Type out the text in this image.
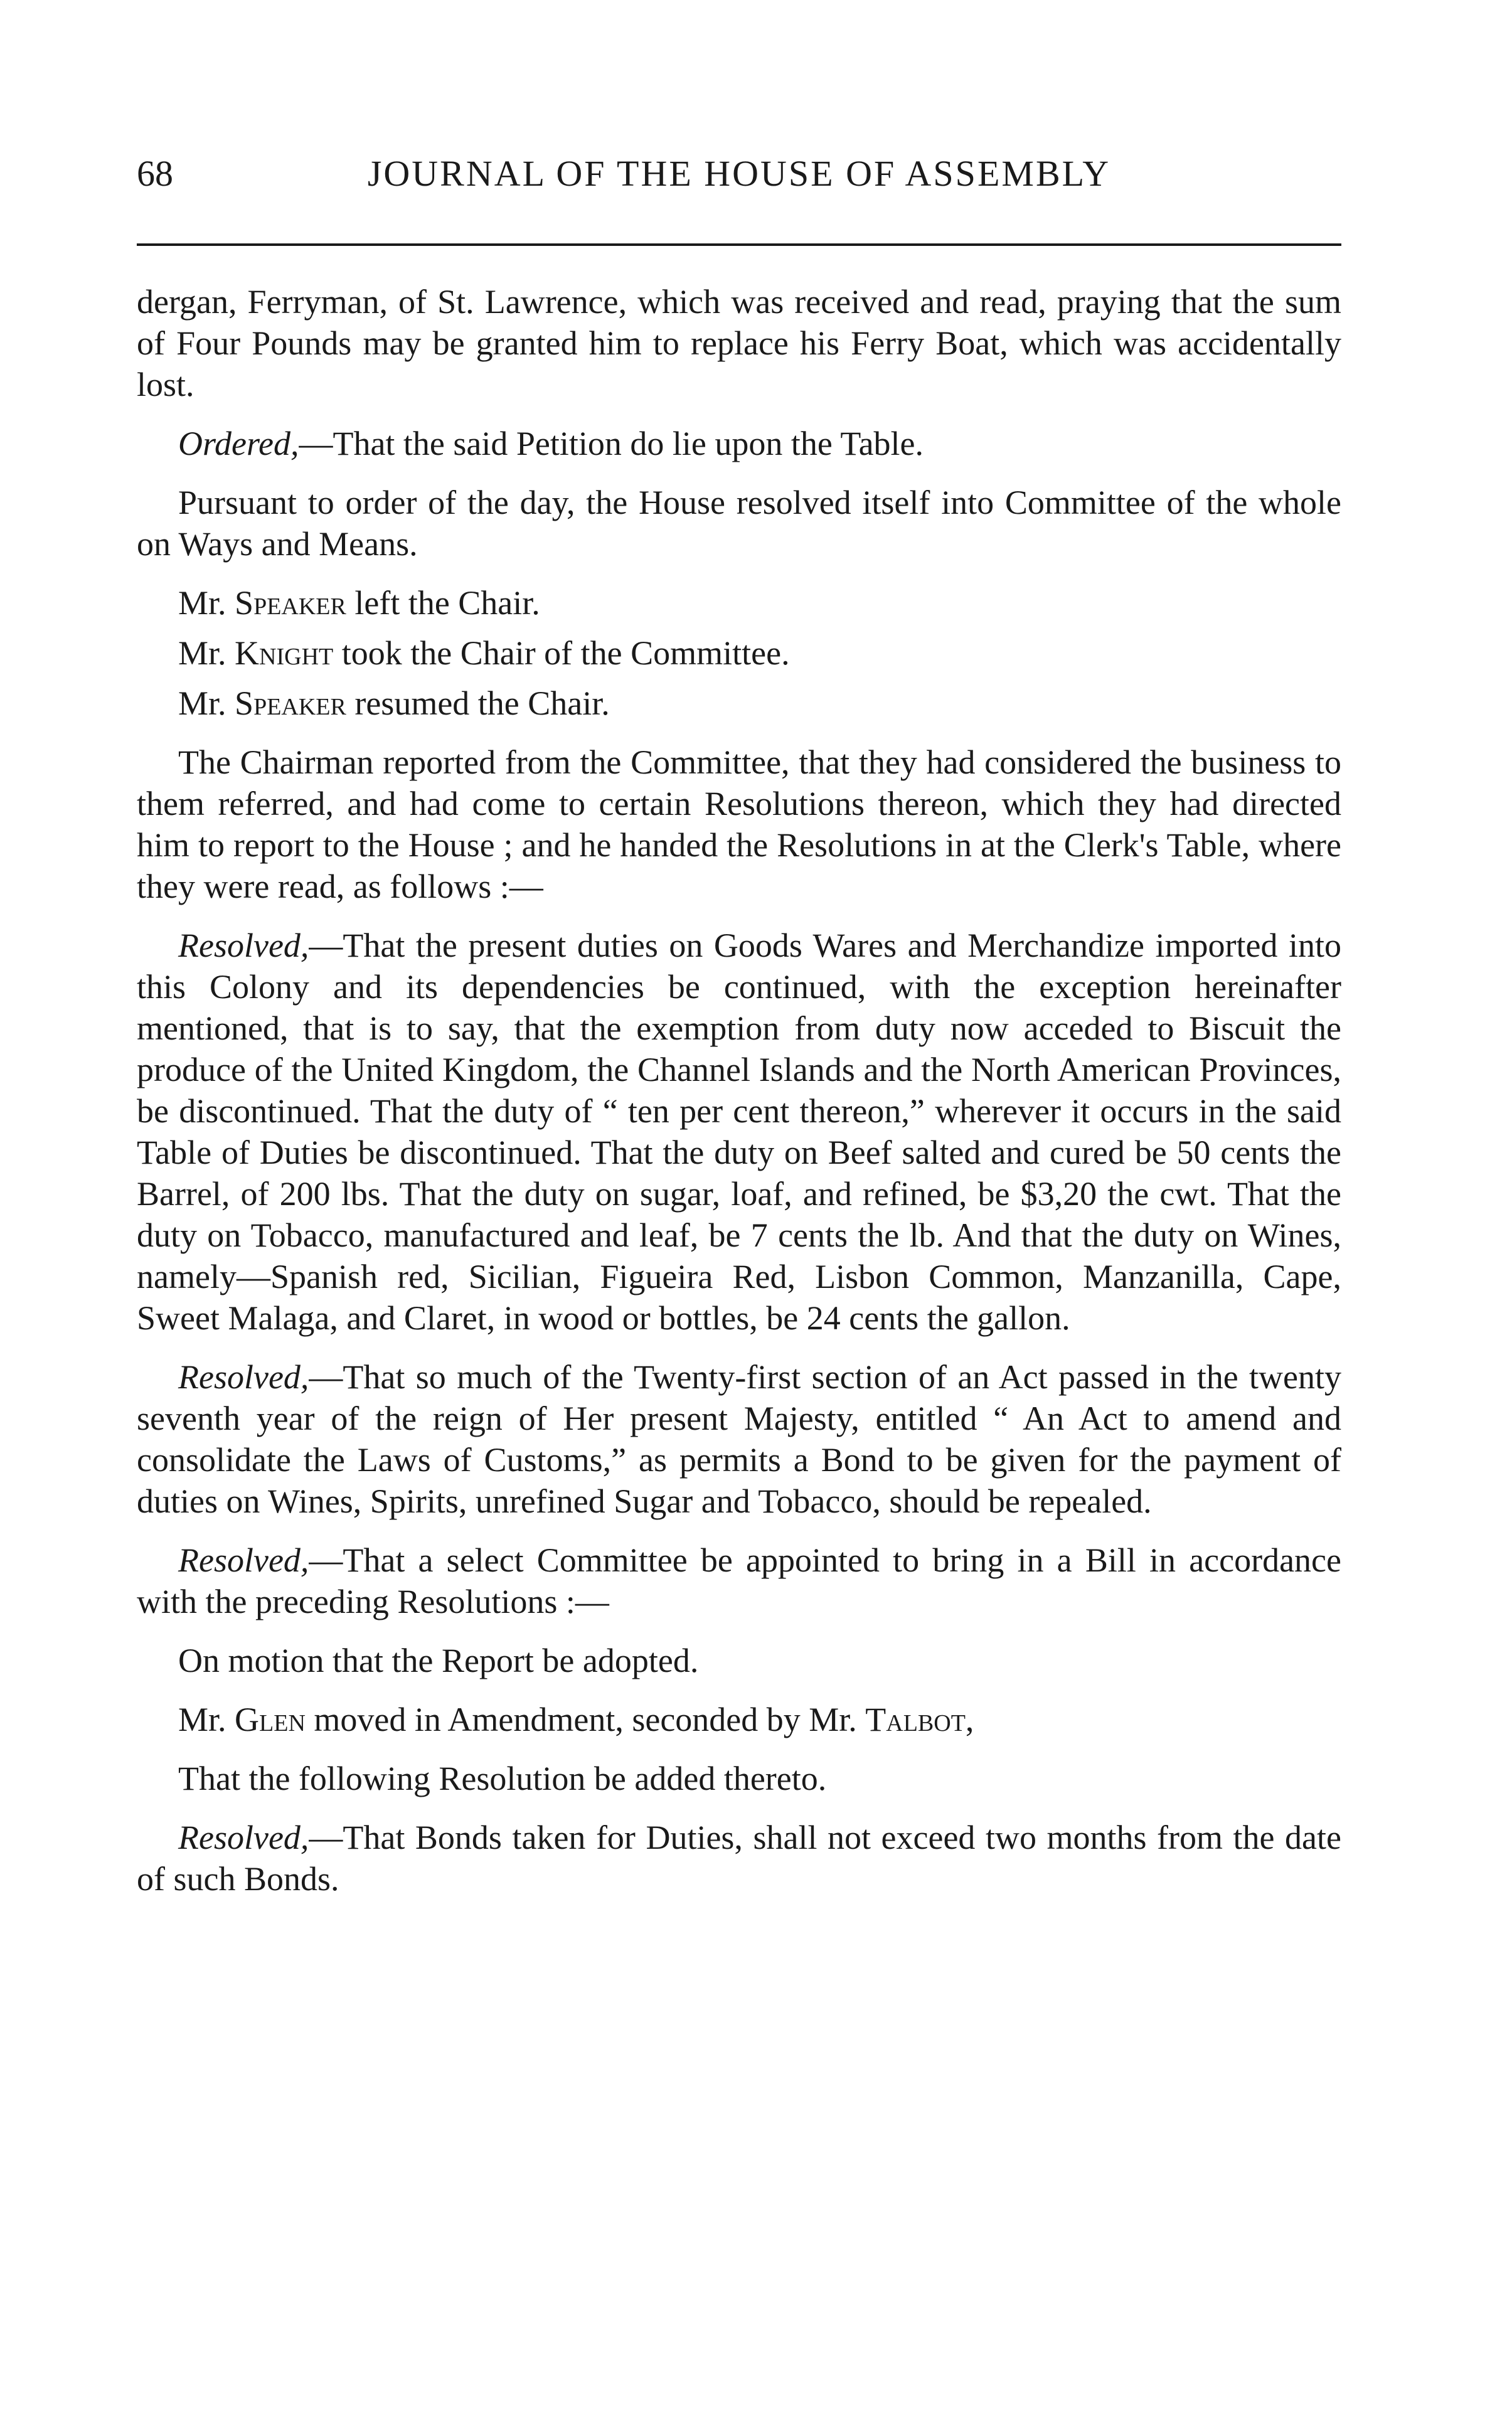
68	JOURNAL OF THE HOUSE OF ASSEMBLY

dergan, Ferryman, of St. Lawrence, which was received and read, praying that the sum of Four Pounds may be granted him to replace his Ferry Boat, which was accidentally lost.

Ordered,—That the said Petition do lie upon the Table.

Pursuant to order of the day, the House resolved itself into Committee of the whole on Ways and Means.

Mr. Speaker left the Chair.

Mr. Knight took the Chair of the Committee.

Mr. Speaker resumed the Chair.

The Chairman reported from the Committee, that they had considered the business to them referred, and had come to certain Resolutions thereon, which they had directed him to report to the House ; and he handed the Resolutions in at the Clerk's Table, where they were read, as follows :—

Resolved,—That the present duties on Goods Wares and Merchandize imported into this Colony and its dependencies be continued, with the exception hereinafter mentioned, that is to say, that the exemption from duty now acceded to Biscuit the produce of the United Kingdom, the Channel Islands and the North American Provinces, be discontinued. That the duty of “ ten per cent thereon,” wherever it occurs in the said Table of Duties be discontinued. That the duty on Beef salted and cured be 50 cents the Barrel, of 200 lbs. That the duty on sugar, loaf, and refined, be $3,20 the cwt. That the duty on Tobacco, manufactured and leaf, be 7 cents the lb. And that the duty on Wines, namely—Spanish red, Sicilian, Figueira Red, Lisbon Common, Manzanilla, Cape, Sweet Malaga, and Claret, in wood or bottles, be 24 cents the gallon.

Resolved,—That so much of the Twenty-first section of an Act passed in the twenty seventh year of the reign of Her present Majesty, entitled “ An Act to amend and consolidate the Laws of Customs,” as permits a Bond to be given for the payment of duties on Wines, Spirits, unrefined Sugar and Tobacco, should be repealed.

Resolved,—That a select Committee be appointed to bring in a Bill in accordance with the preceding Resolutions :—

On motion that the Report be adopted.

Mr. Glen moved in Amendment, seconded by Mr. Talbot,

That the following Resolution be added thereto.

Resolved,—That Bonds taken for Duties, shall not exceed two months from the date of such Bonds.
